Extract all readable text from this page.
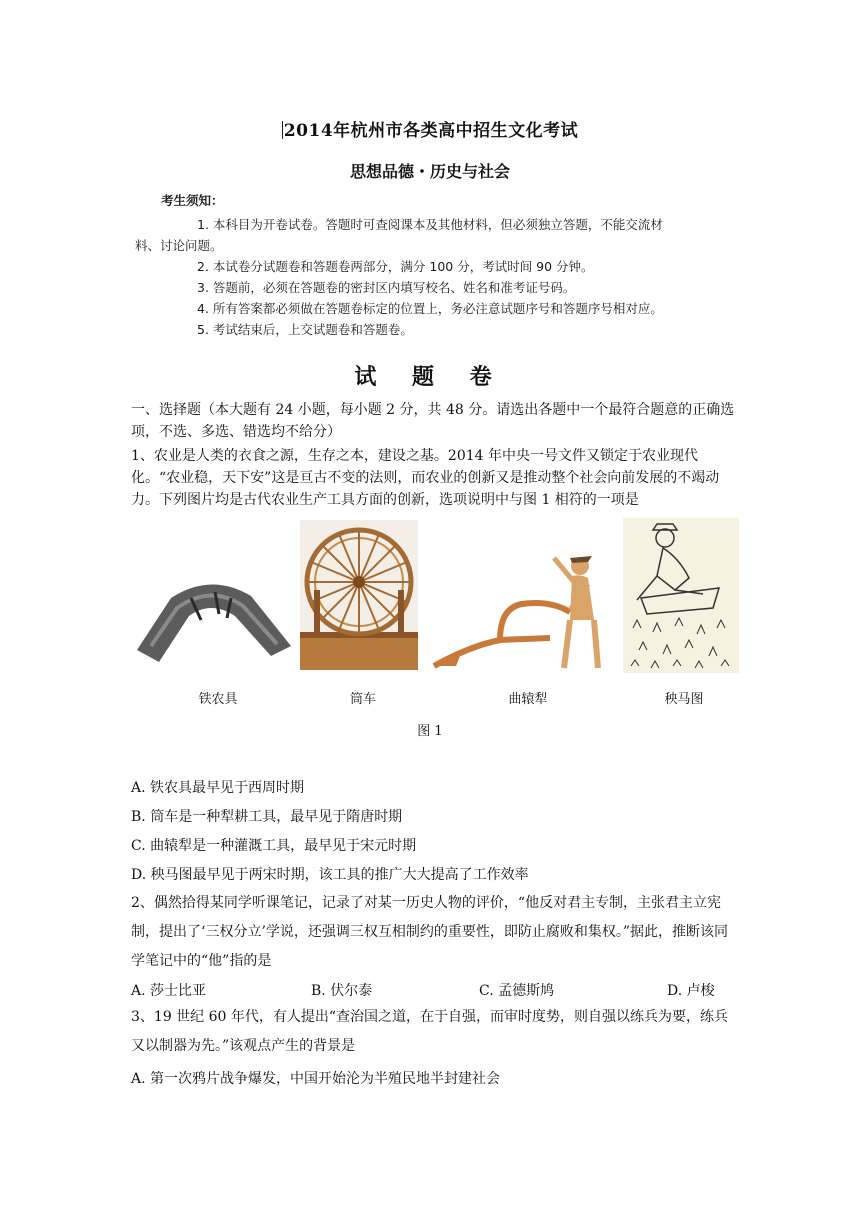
2014年杭州市各类高中招生文化考试
思想品德・历史与社会
考生须知：
1. 本科目为开卷试卷。答题时可查阅课本及其他材料，但必须独立答题，不能交流材
料、讨论问题。
2. 本试卷分试题卷和答题卷两部分，满分 100 分，考试时间 90 分钟。
3. 答题前，必须在答题卷的密封区内填写校名、姓名和准考证号码。
4. 所有答案都必须做在答题卷标定的位置上，务必注意试题序号和答题序号相对应。
5. 考试结束后，上交试题卷和答题卷。
试 题 卷
一、选择题（本大题有 24 小题，每小题 2 分，共 48 分。请选出各题中一个最符合题意的正确选项，不选、多选、错选均不给分）
1、农业是人类的衣食之源，生存之本，建设之基。2014 年中央一号文件又锁定于农业现代化。“农业稳，天下安”这是亘古不变的法则，而农业的创新又是推动整个社会向前发展的不竭动力。下列图片均是古代农业生产工具方面的创新，选项说明中与图 1 相符的一项是
铁农具	筒车	曲辕犁	秧马图
图 1
A. 铁农具最早见于西周时期
B. 筒车是一种犁耕工具，最早见于隋唐时期
C. 曲辕犁是一种灌溉工具，最早见于宋元时期
D. 秧马图最早见于两宋时期，该工具的推广大大提高了工作效率
2、偶然拾得某同学听课笔记，记录了对某一历史人物的评价，“他反对君主专制，主张君主立宪制，提出了‘三权分立’学说，还强调三权互相制约的重要性，即防止腐败和集权。”据此，推断该同学笔记中的“他”指的是
A. 莎士比亚	B. 伏尔泰	C. 孟德斯鸠	D. 卢梭
3、19 世纪 60 年代，有人提出“查治国之道，在于自强，而审时度势，则自强以练兵为要，练兵又以制器为先。”该观点产生的背景是
A. 第一次鸦片战争爆发，中国开始沦为半殖民地半封建社会
